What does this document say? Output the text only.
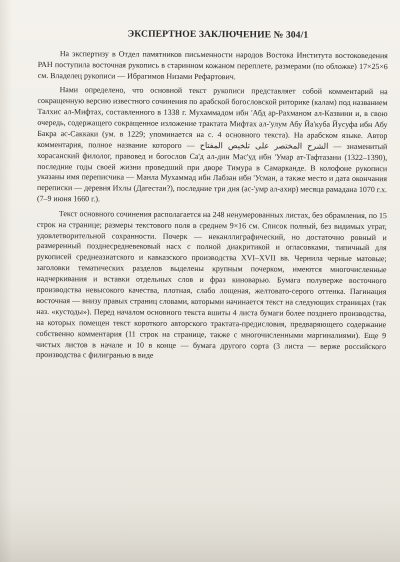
ЭКСПЕРТНОЕ ЗАКЛЮЧЕНИЕ № 304/1

На экспертизу в Отдел памятников письменности народов Востока Института востоковедения РАН поступила восточная рукопись в старинном кожаном переплете, размерами (по обложке) 17×25×6 см. Владелец рукописи — Ибрагимов Низами Рефартович.

Нами определено, что основной текст рукописи представляет собой комментарий на сокращенную версию известного сочинения по арабской богословской риторике (калам) под названием Талхис ал-Мифтах, составленного в 1338 г. Мухаммадом ибн 'Абд ар-Рахманом ал-Казвини и, в свою очередь, содержащего сокращенное изложение трактата Мифтах ал-'улум Абу Йа'куба Йусуфа ибн Абу Бакра ас-Саккаки (ум. в 1229; упоминается на с. 4 основного текста). На арабском языке. Автор комментария, полное название которого — الشرح المختصر على تلخيص المفتاح — знаменитый хорасанский филолог, правовед и богослов Са'д ал-дин Мас'уд ибн 'Умар ат-Тафтазани (1322–1390), последние годы своей жизни проведший при дворе Тимура в Самарканде. В колофоне рукописи указаны имя переписчика — Манла Мухаммад ибн Лабзан ибн 'Усман, а также место и дата окончания переписки — деревня Ихлы (Дагестан?), последние три дня (ас-'умр ал-ахир) месяца рамадана 1070 г.х. (7–9 июня 1660 г.).

Текст основного сочинения располагается на 248 ненумерованных листах, без обрамления, по 15 строк на странице; размеры текстового поля в среднем 9×16 см. Список полный, без видимых утрат, удовлетворительной сохранности. Почерк — неканллиграфический, но достаточно ровный и размеренный позднесредневековый насх с полной диакритикой и огласовками, типичный для рукописей среднеазиатского и кавказского производства XVI–XVII вв. Чернила черные матовые; заголовки тематических разделов выделены крупным почерком, имеются многочисленные надчеркивания и вставки отдельных слов и фраз киноварью. Бумага полуверже восточного производства невысокого качества, плотная, слабо лощеная, желтовато-серого оттенка. Пагинация восточная — внизу правых страниц словами, которыми начинается текст на следующих страницах (так наз. «кустоды»). Перед началом основного текста вшиты 4 листа бумаги более позднего производства, на которых помещен текст короткого авторского трактата-предисловия, предваряющего содержание собственно комментария (11 строк на странице, также с многочисленными маргиналиями). Еще 9 чистых листов в начале и 10 в конце — бумага другого сорта (3 листа — верже российского производства с филигранью в виде
